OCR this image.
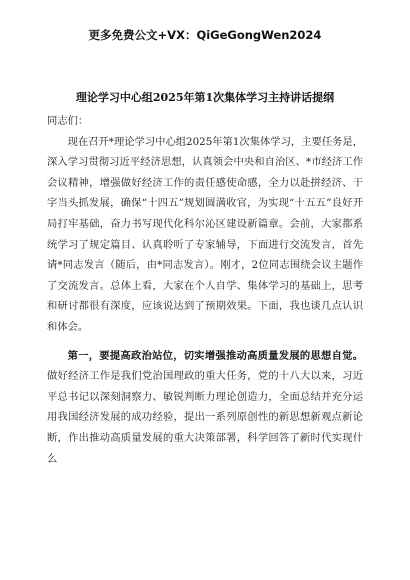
更多免费公文+VX：QiGeGongWen2024
理论学习中心组2025年第1次集体学习主持讲话提纲

同志们：

现在召开*理论学习中心组2025年第1次集体学习，主要任务是，深入学习贯彻习近平经济思想，认真领会中央和自治区、*市经济工作会议精神，增强做好经济工作的责任感使命感，全力以赴拼经济、干字当头抓发展，确保“十四五”规划圆满收官，为实现“十五五”良好开局打牢基础，奋力书写现代化科尔沁区建设新篇章。会前，大家都系统学习了规定篇目、认真聆听了专家辅导，下面进行交流发言，首先请*同志发言（随后，由*同志发言）。刚才，2位同志围绕会议主题作了交流发言。总体上看，大家在个人自学、集体学习的基础上，思考和研讨都很有深度，应该说达到了预期效果。下面，我也谈几点认识和体会。

第一，要提高政治站位，切实增强推动高质量发展的思想自觉。做好经济工作是我们党治国理政的重大任务，党的十八大以来，习近平总书记以深刻洞察力、敏锐判断力理论创造力，全面总结并充分运用我国经济发展的成功经验，提出一系列原创性的新思想新观点新论断，作出推动高质量发展的重大决策部署，科学回答了新时代实现什么
